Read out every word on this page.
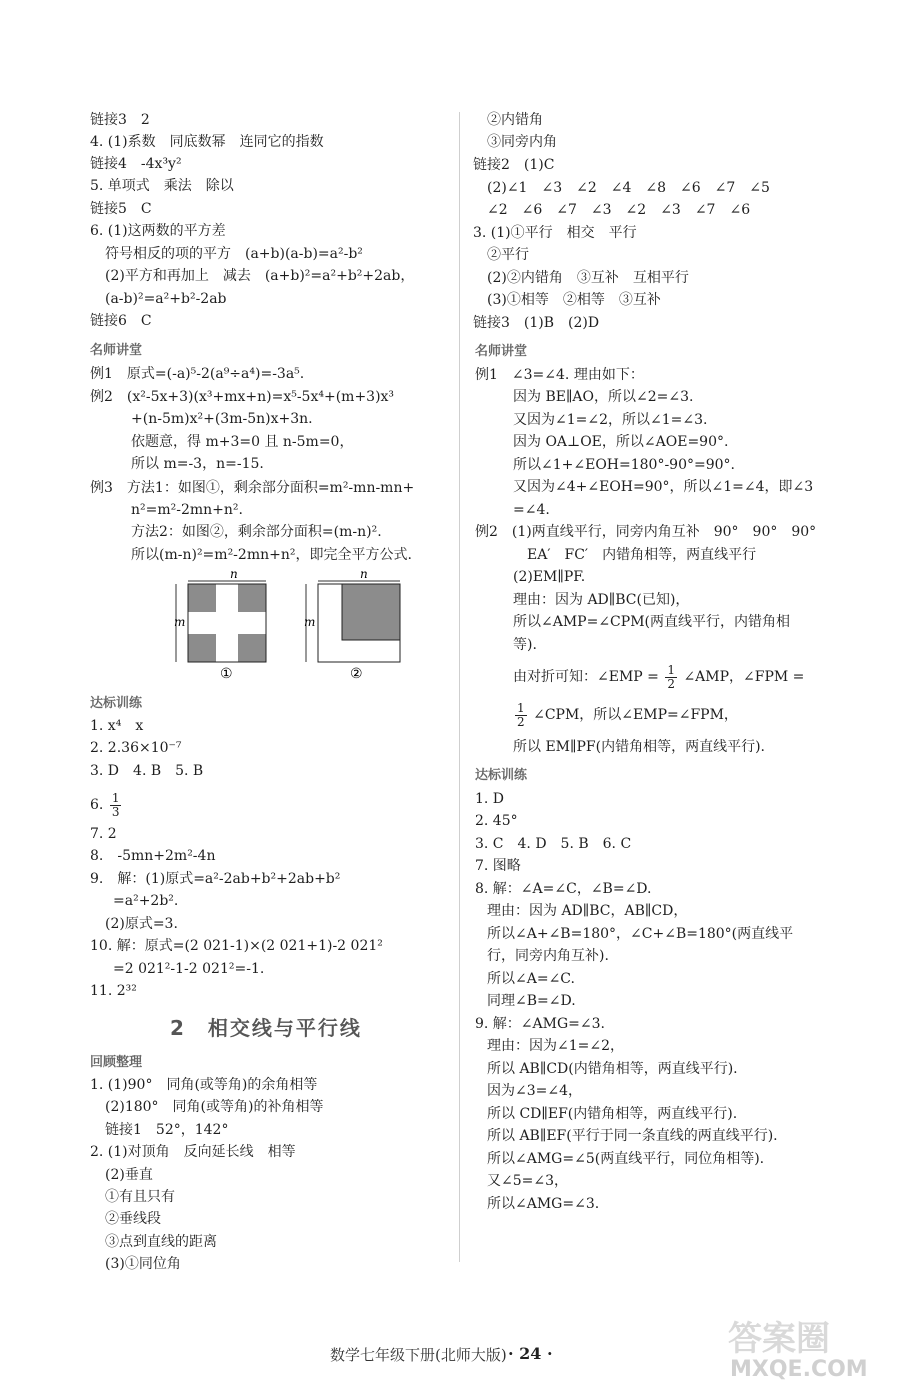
链接3　2
4. (1)系数　同底数幂　连同它的指数
链接4　-4x³y²
5. 单项式　乘法　除以
链接5　C
6. (1)这两数的平方差
符号相反的项的平方　(a+b)(a-b)=a²-b²
(2)平方和再加上　减去　(a+b)²=a²+b²+2ab，
(a-b)²=a²+b²-2ab
链接6　C
名师讲堂
例1　原式=(-a)⁵-2(a⁹÷a⁴)=-3a⁵.
例2　(x²-5x+3)(x³+mx+n)=x⁵-5x⁴+(m+3)x³
+(n-5m)x²+(3m-5n)x+3n.
依题意，得 m+3=0 且 n-5m=0，
所以 m=-3，n=-15.
例3　方法1：如图①，剩余部分面积=m²-mn-mn+
n²=m²-2mn+n².
方法2：如图②，剩余部分面积=(m-n)².
所以(m-n)²=m²-2mn+n²，即完全平方公式.
n
m
①
n
m
②
达标训练
1. x⁴　x
2. 2.36×10⁻⁷
3. D　4. B　5. B
6. $\frac{1}{3}$
7. 2
8.　-5mn+2m²-4n
9.　解：(1)原式=a²-2ab+b²+2ab+b²
=a²+2b².
(2)原式=3.
10. 解：原式=(2 021-1)×(2 021+1)-2 021²
=2 021²-1-2 021²=-1.
11. 2³²
2　相交线与平行线
回顾整理
1. (1)90°　同角(或等角)的余角相等
(2)180°　同角(或等角)的补角相等
链接1　52°，142°
2. (1)对顶角　反向延长线　相等
(2)垂直
①有且只有
②垂线段
③点到直线的距离
(3)①同位角
②内错角
③同旁内角
链接2　(1)C
(2)∠1　∠3　∠2　∠4　∠8　∠6　∠7　∠5
∠2　∠6　∠7　∠3　∠2　∠3　∠7　∠6
3. (1)①平行　相交　平行
②平行
(2)②内错角　③互补　互相平行
(3)①相等　②相等　③互补
链接3　(1)B　(2)D
名师讲堂
例1　∠3=∠4. 理由如下：
因为 BE∥AO，所以∠2=∠3.
又因为∠1=∠2，所以∠1=∠3.
因为 OA⊥OE，所以∠AOE=90°.
所以∠1+∠EOH=180°-90°=90°.
又因为∠4+∠EOH=90°，所以∠1=∠4，即∠3
=∠4.
例2　(1)两直线平行，同旁内角互补　90°　90°　90°
EA′　FC′　内错角相等，两直线平行
(2)EM∥PF.
理由：因为 AD∥BC(已知)，
所以∠AMP=∠CPM(两直线平行，内错角相
等).
由对折可知：∠EMP = $\frac{1}{2}$ ∠AMP，∠FPM =
$\frac{1}{2}$ ∠CPM，所以∠EMP=∠FPM，
所以 EM∥PF(内错角相等，两直线平行).
达标训练
1. D
2. 45°
3. C　4. D　5. B　6. C
7. 图略
8. 解：∠A=∠C，∠B=∠D.
理由：因为 AD∥BC，AB∥CD，
所以∠A+∠B=180°，∠C+∠B=180°(两直线平
行，同旁内角互补).
所以∠A=∠C.
同理∠B=∠D.
9. 解：∠AMG=∠3.
理由：因为∠1=∠2，
所以 AB∥CD(内错角相等，两直线平行).
因为∠3=∠4，
所以 CD∥EF(内错角相等，两直线平行).
所以 AB∥EF(平行于同一条直线的两直线平行).
所以∠AMG=∠5(两直线平行，同位角相等).
又∠5=∠3，
所以∠AMG=∠3.
数学七年级下册(北师大版) · 24 ·	答案圈
MXQE.COM
